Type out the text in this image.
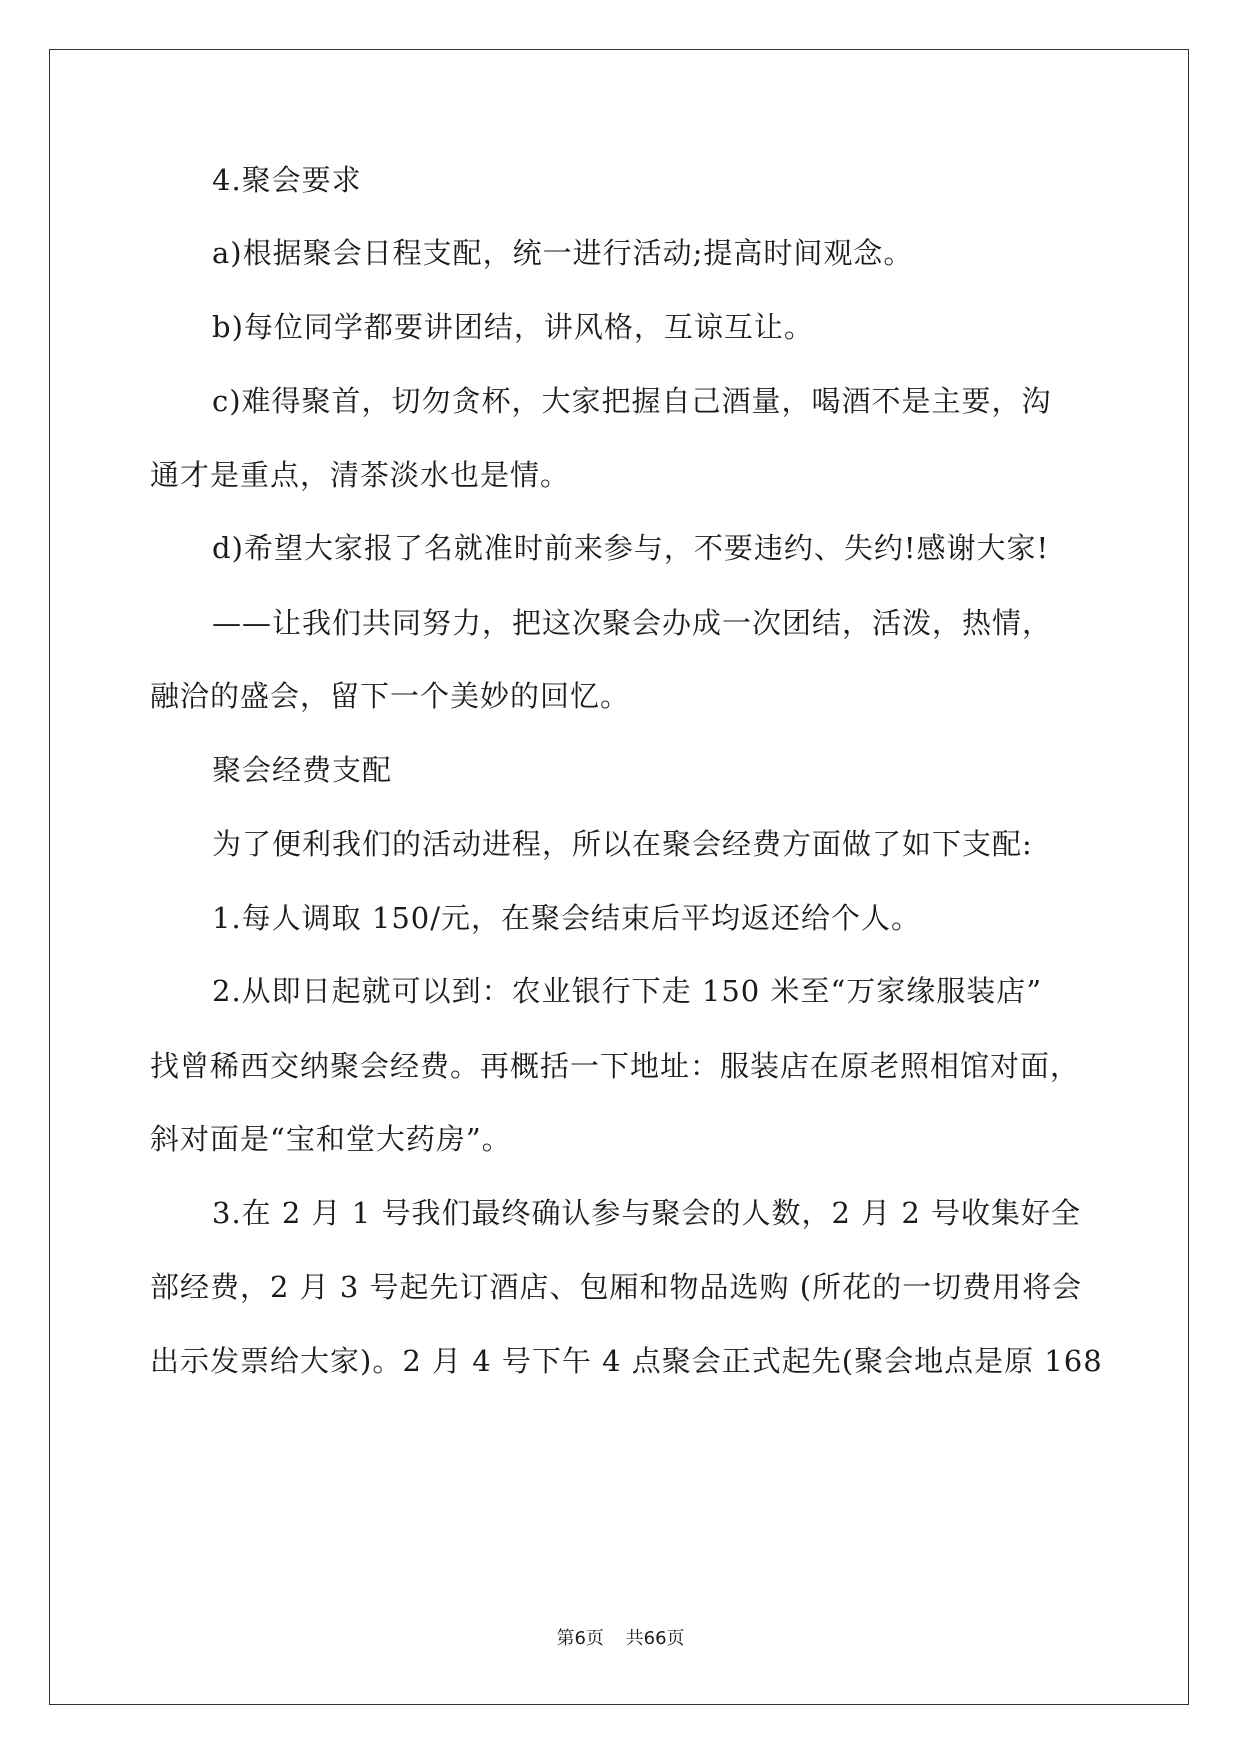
4.聚会要求
a)根据聚会日程支配，统一进行活动;提高时间观念。
b)每位同学都要讲团结，讲风格，互谅互让。
c)难得聚首，切勿贪杯，大家把握自己酒量，喝酒不是主要，沟
通才是重点，清茶淡水也是情。
d)希望大家报了名就准时前来参与，不要违约、失约!感谢大家!
——让我们共同努力，把这次聚会办成一次团结，活泼，热情，
融洽的盛会，留下一个美妙的回忆。
聚会经费支配
为了便利我们的活动进程，所以在聚会经费方面做了如下支配:
1.每人调取 150/元，在聚会结束后平均返还给个人。
2.从即日起就可以到：农业银行下走 150 米至“万家缘服装店”
找曾稀西交纳聚会经费。再概括一下地址：服装店在原老照相馆对面，
斜对面是“宝和堂大药房”。
3.在 2 月 1 号我们最终确认参与聚会的人数，2 月 2 号收集好全
部经费，2 月 3 号起先订酒店、包厢和物品选购 (所花的一切费用将会
出示发票给大家)。2 月 4 号下午 4 点聚会正式起先(聚会地点是原 168
第6页 共66页
